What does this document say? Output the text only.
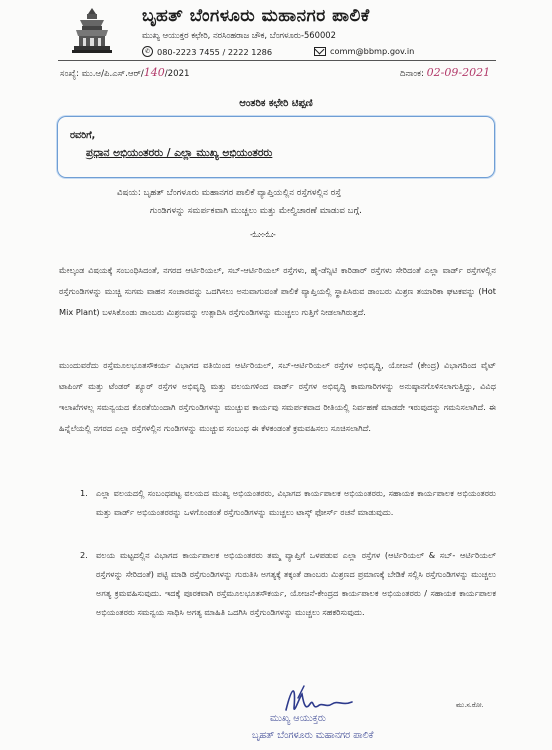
ಬೃಹತ್ ಬೆಂಗಳೂರು ಮಹಾನಗರ ಪಾಲಿಕೆ
ಮುಖ್ಯ ಆಯುಕ್ತರ ಕಛೇರಿ, ನರಸಿಂಹರಾಜ ಚೌಕ, ಬೆಂಗಳೂರು-560002
✆ 080-2223 7455 / 2222 1286	comm@bbmp.gov.in
ಸಂಖ್ಯೆ: ಮು.ಆ/ಪಿ.ಎಸ್.ಆರ್/140/2021	ದಿನಾಂಕ: 02-09-2021
ಆಂತರಿಕ ಕಛೇರಿ ಟಿಪ್ಪಣಿ
ರವರಿಗೆ,
ಪ್ರಧಾನ ಅಭಿಯಂತರರು / ಎಲ್ಲಾ ಮುಖ್ಯ ಅಭಿಯಂತರರು
ವಿಷಯ: ಬೃಹತ್ ಬೆಂಗಳೂರು ಮಹಾನಗರ ಪಾಲಿಕೆ ವ್ಯಾಪ್ತಿಯಲ್ಲಿನ ರಸ್ತೆಗಳಲ್ಲಿನ ರಸ್ತೆ
ಗುಂಡಿಗಳನ್ನು ಸಮರ್ಪಕವಾಗಿ ಮುಚ್ಚಲು ಮತ್ತು ಮೇಲ್ವಿಚಾರಣೆ ಮಾಡುವ ಬಗ್ಗೆ.
-:ಓ:-:-:ಓ:-

ಮೇಲ್ಕಂಡ ವಿಷಯಕ್ಕೆ ಸಂಬಂಧಿಸಿದಂತೆ, ನಗರದ ಆರ್ಟಿರಿಯಲ್, ಸಬ್-ಆರ್ಟಿರಿಯಲ್ ರಸ್ತೆಗಳು, ಹೈ-ಡೆನ್ಸಿಟಿ ಕಾರಿಡಾರ್ ರಸ್ತೆಗಳು ಸೇರಿದಂತೆ ಎಲ್ಲಾ ವಾರ್ಡ್ ರಸ್ತೆಗಳಲ್ಲಿನ ರಸ್ತೆಗುಂಡಿಗಳನ್ನು ಮುಚ್ಚಿ ಸುಗಮ ವಾಹನ ಸಂಚಾರವನ್ನು ಒದಗಿಸಲು ಅನುವಾಗುವಂತೆ ಪಾಲಿಕೆ ವ್ಯಾಪ್ತಿಯಲ್ಲಿ ಸ್ಥಾಪಿಸಿರುವ ಡಾಂಬರು ಮಿಶ್ರಣ ತಯಾರಿಕಾ ಘಟಕವನ್ನು (Hot Mix Plant) ಬಳಸಿಕೊಂಡು ಡಾಂಬರು ಮಿಶ್ರಣವನ್ನು ಉತ್ಪಾದಿಸಿ ರಸ್ತೆಗುಂಡಿಗಳನ್ನು ಮುಚ್ಚಲು ಗುತ್ತಿಗೆ ನೀಡಲಾಗಿರುತ್ತದೆ.

ಮುಂದುವರೆದು ರಸ್ತೆಮೂಲಭೂತಸೌಕರ್ಯ ವಿಭಾಗದ ವತಿಯಿಂದ ಆರ್ಟಿರಿಯಲ್, ಸಬ್-ಆರ್ಟಿರಿಯಲ್ ರಸ್ತೆಗಳ ಅಭಿವೃದ್ಧಿ, ಯೋಜನೆ (ಕೇಂದ್ರ) ವಿಭಾಗದಿಂದ ವೈಟ್ ಟಾಪಿಂಗ್ ಮತ್ತು ಟೆಂಡರ್ ಶ್ಯೂರ್ ರಸ್ತೆಗಳ ಅಭಿವೃದ್ಧಿ ಮತ್ತು ವಲಯಗಳಿಂದ ವಾರ್ಡ್ ರಸ್ತೆಗಳ ಅಭಿವೃದ್ಧಿ ಕಾಮಗಾರಿಗಳನ್ನು ಅನುಷ್ಠಾನಗೊಳಿಸಲಾಗುತ್ತಿದ್ದು, ವಿವಿಧ ಇಲಾಖೆಗಳಲ್ಲ ಸಮನ್ವಯದ ಕೊರತೆಯಿಂದಾಗಿ ರಸ್ತೆಗುಂಡಿಗಳನ್ನು ಮುಚ್ಚುವ ಕಾರ್ಯವು ಸಮರ್ಪಕವಾದ ರೀತಿಯಲ್ಲಿ ನಿರ್ವಹಣೆ ಮಾಡದೇ ಇರುವುದನ್ನು ಗಮನಿಸಲಾಗಿದೆ. ಈ ಹಿನ್ನೆಲೆಯಲ್ಲಿ ನಗರದ ಎಲ್ಲಾ ರಸ್ತೆಗಳಲ್ಲಿನ ಗುಂಡಿಗಳನ್ನು ಮುಚ್ಚುವ ಸಂಬಂಧ ಈ ಕೆಳಕಂಡಂತೆ ಕ್ರಮವಹಿಸಲು ಸೂಚಿಸಲಾಗಿದೆ.

1. ಎಲ್ಲಾ ವಲಯದಲ್ಲಿ ಸಂಬಂಧಪಟ್ಟ ವಲಯದ ಮುಖ್ಯ ಅಭಿಯಂತರರು, ವಿಭಾಗದ ಕಾರ್ಯಪಾಲಕ ಅಭಿಯಂತರರು, ಸಹಾಯಕ ಕಾರ್ಯಪಾಲಕ ಅಭಿಯಂತರರು ಮತ್ತು ವಾರ್ಡ್ ಅಭಿಯಂತರರನ್ನು ಒಳಗೊಂಡಂತೆ ರಸ್ತೆಗುಂಡಿಗಳನ್ನು ಮುಚ್ಚಲು ಟಾಸ್ಕ್ ಫೋರ್ಸ್ ರಚನೆ ಮಾಡುವುದು.
2. ವಲಯ ಮಟ್ಟದಲ್ಲಿನ ವಿಭಾಗದ ಕಾರ್ಯಪಾಲಕ ಅಭಿಯಂತರರು ತಮ್ಮ ವ್ಯಾಪ್ತಿಗೆ ಒಳಪಡುವ ಎಲ್ಲಾ ರಸ್ತೆಗಳ (ಆರ್ಟಿರಿಯಲ್ & ಸಬ್- ಆರ್ಟಿರಿಯಲ್ ರಸ್ತೆಗಳನ್ನು ಸೇರಿದಂತೆ) ಪಟ್ಟಿ ಮಾಡಿ ರಸ್ತೆಗುಂಡಿಗಳನ್ನು ಗುರುತಿಸಿ ಅಗತ್ಯಕ್ಕೆ ತಕ್ಕಂತೆ ಡಾಂಬರು ಮಿಶ್ರಣದ ಪ್ರಮಾಣಕ್ಕೆ ಬೇಡಿಕೆ ಸಲ್ಲಿಸಿ ರಸ್ತೆಗುಂಡಿಗಳನ್ನು ಮುಚ್ಚಲು ಅಗತ್ಯ ಕ್ರಮವಹಿಸುವುದು. ಇದಕ್ಕೆ ಪೂರಕವಾಗಿ ರಸ್ತೆಮೂಲಭೂತಸೌಕರ್ಯ, ಯೋಜನೆ-ಕೇಂದ್ರದ ಕಾರ್ಯಪಾಲಕ ಅಭಿಯಂತರರು / ಸಹಾಯಕ ಕಾರ್ಯಪಾಲಕ ಅಭಿಯಂತರರು ಸಮನ್ವಯ ಸಾಧಿಸಿ ಅಗತ್ಯ ಮಾಹಿತಿ ಒದಗಿಸಿ ರಸ್ತೆಗುಂಡಿಗಳನ್ನು ಮುಚ್ಚಲು ಸಹಕರಿಸುವುದು.
ಮು.ಸ.ರೋ.
ಮುಖ್ಯ ಆಯುಕ್ತರು
ಬೃಹತ್ ಬೆಂಗಳೂರು ಮಹಾನಗರ ಪಾಲಿಕೆ
